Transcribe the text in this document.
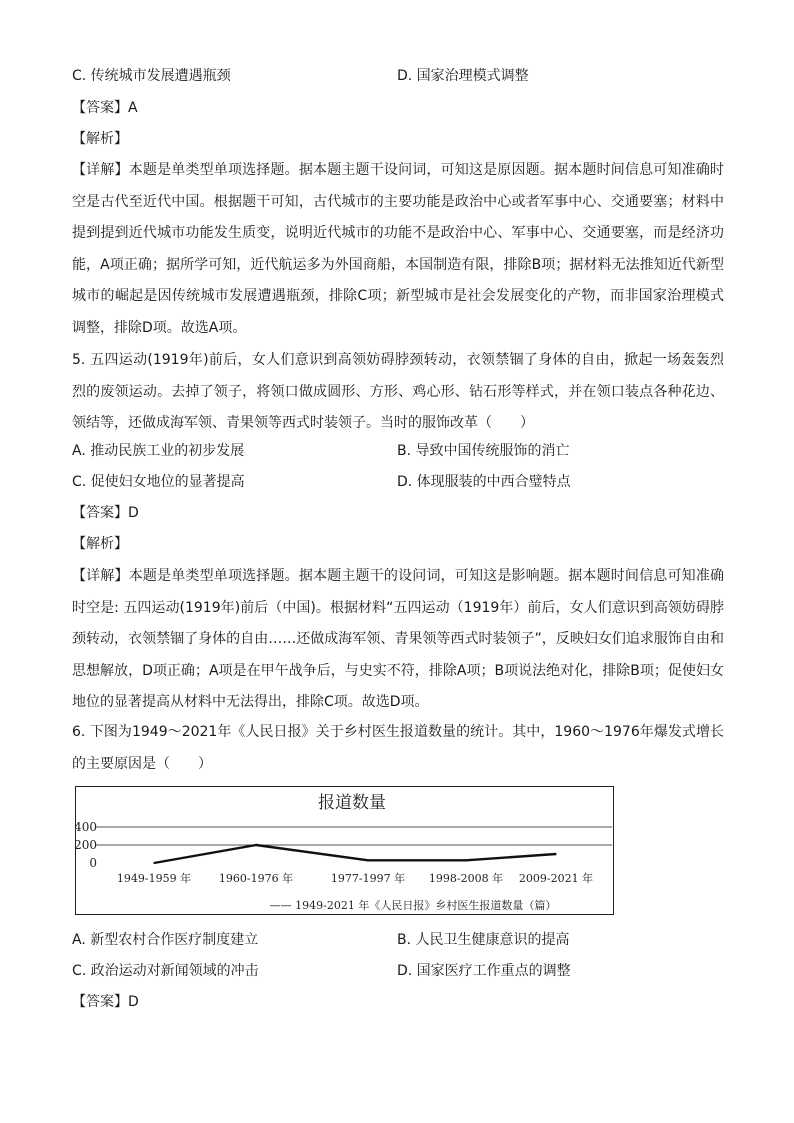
C. 传统城市发展遭遇瓶颈	D. 国家治理模式调整
【答案】A
【解析】
【详解】本题是单类型单项选择题。据本题主题干设问词，可知这是原因题。据本题时间信息可知准确时空是古代至近代中国。根据题干可知，古代城市的主要功能是政治中心或者军事中心、交通要塞；材料中提到提到近代城市功能发生质变，说明近代城市的功能不是政治中心、军事中心、交通要塞，而是经济功能，A项正确；据所学可知，近代航运多为外国商船，本国制造有限，排除B项；据材料无法推知近代新型城市的崛起是因传统城市发展遭遇瓶颈，排除C项；新型城市是社会发展变化的产物，而非国家治理模式调整，排除D项。故选A项。
5. 五四运动(1919年)前后，女人们意识到高领妨碍脖颈转动，衣领禁锢了身体的自由，掀起一场轰轰烈烈的废领运动。去掉了领子，将领口做成圆形、方形、鸡心形、钻石形等样式，并在领口装点各种花边、领结等，还做成海军领、青果领等西式时装领子。当时的服饰改革（　　）
A. 推动民族工业的初步发展	B. 导致中国传统服饰的消亡
C. 促使妇女地位的显著提高	D. 体现服装的中西合璧特点
【答案】D
【解析】
【详解】本题是单类型单项选择题。据本题主题干的设问词，可知这是影响题。据本题时间信息可知准确时空是: 五四运动(1919年)前后（中国)。根据材料“五四运动（1919年）前后，女人们意识到高领妨碍脖颈转动，衣领禁锢了身体的自由……还做成海军领、青果领等西式时装领子”，反映妇女们追求服饰自由和思想解放，D项正确；A项是在甲午战争后，与史实不符，排除A项；B项说法绝对化，排除B项；促使妇女地位的显著提高从材料中无法得出，排除C项。故选D项。
6. 下图为1949～2021年《人民日报》关于乡村医生报道数量的统计。其中，1960～1976年爆发式增长的主要原因是（　　）
报道数量
400
200
0
1949-1959 年	1960-1976 年	1977-1997 年 1998-2008 年 2009-2021 年
—— 1949-2021 年《人民日报》乡村医生报道数量（篇）
A. 新型农村合作医疗制度建立	B. 人民卫生健康意识的提高
C. 政治运动对新闻领域的冲击	D. 国家医疗工作重点的调整
【答案】D
